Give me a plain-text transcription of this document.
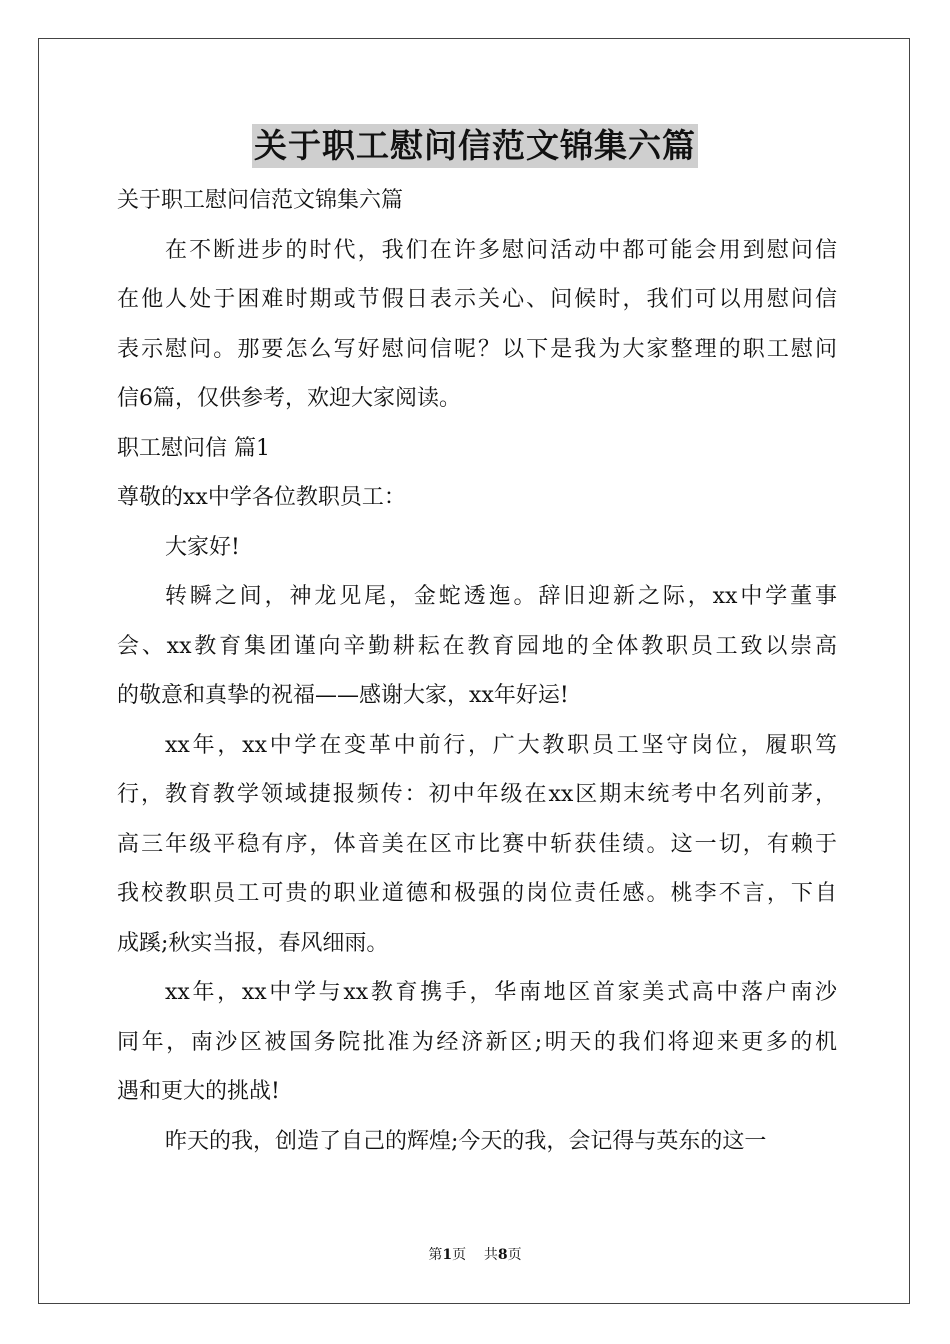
关于职工慰问信范文锦集六篇
关于职工慰问信范文锦集六篇
在不断进步的时代，我们在许多慰问活动中都可能会用到慰问信
在他人处于困难时期或节假日表示关心、问候时，我们可以用慰问信
表示慰问。那要怎么写好慰问信呢？以下是我为大家整理的职工慰问
信6篇，仅供参考，欢迎大家阅读。
职工慰问信 篇1
尊敬的xx中学各位教职员工：
大家好!
转瞬之间，神龙见尾，金蛇透迤。辞旧迎新之际，xx中学董事
会、xx教育集团谨向辛勤耕耘在教育园地的全体教职员工致以崇高
的敬意和真挚的祝福——感谢大家，xx年好运!
xx年，xx中学在变革中前行，广大教职员工坚守岗位，履职笃
行，教育教学领域捷报频传：初中年级在xx区期末统考中名列前茅，
高三年级平稳有序，体音美在区市比赛中斩获佳绩。这一切，有赖于
我校教职员工可贵的职业道德和极强的岗位责任感。桃李不言，下自
成蹊;秋实当报，春风细雨。
xx年，xx中学与xx教育携手，华南地区首家美式高中落户南沙
同年，南沙区被国务院批准为经济新区;明天的我们将迎来更多的机
遇和更大的挑战!
昨天的我，创造了自己的辉煌;今天的我，会记得与英东的这一
第1页    共8页
